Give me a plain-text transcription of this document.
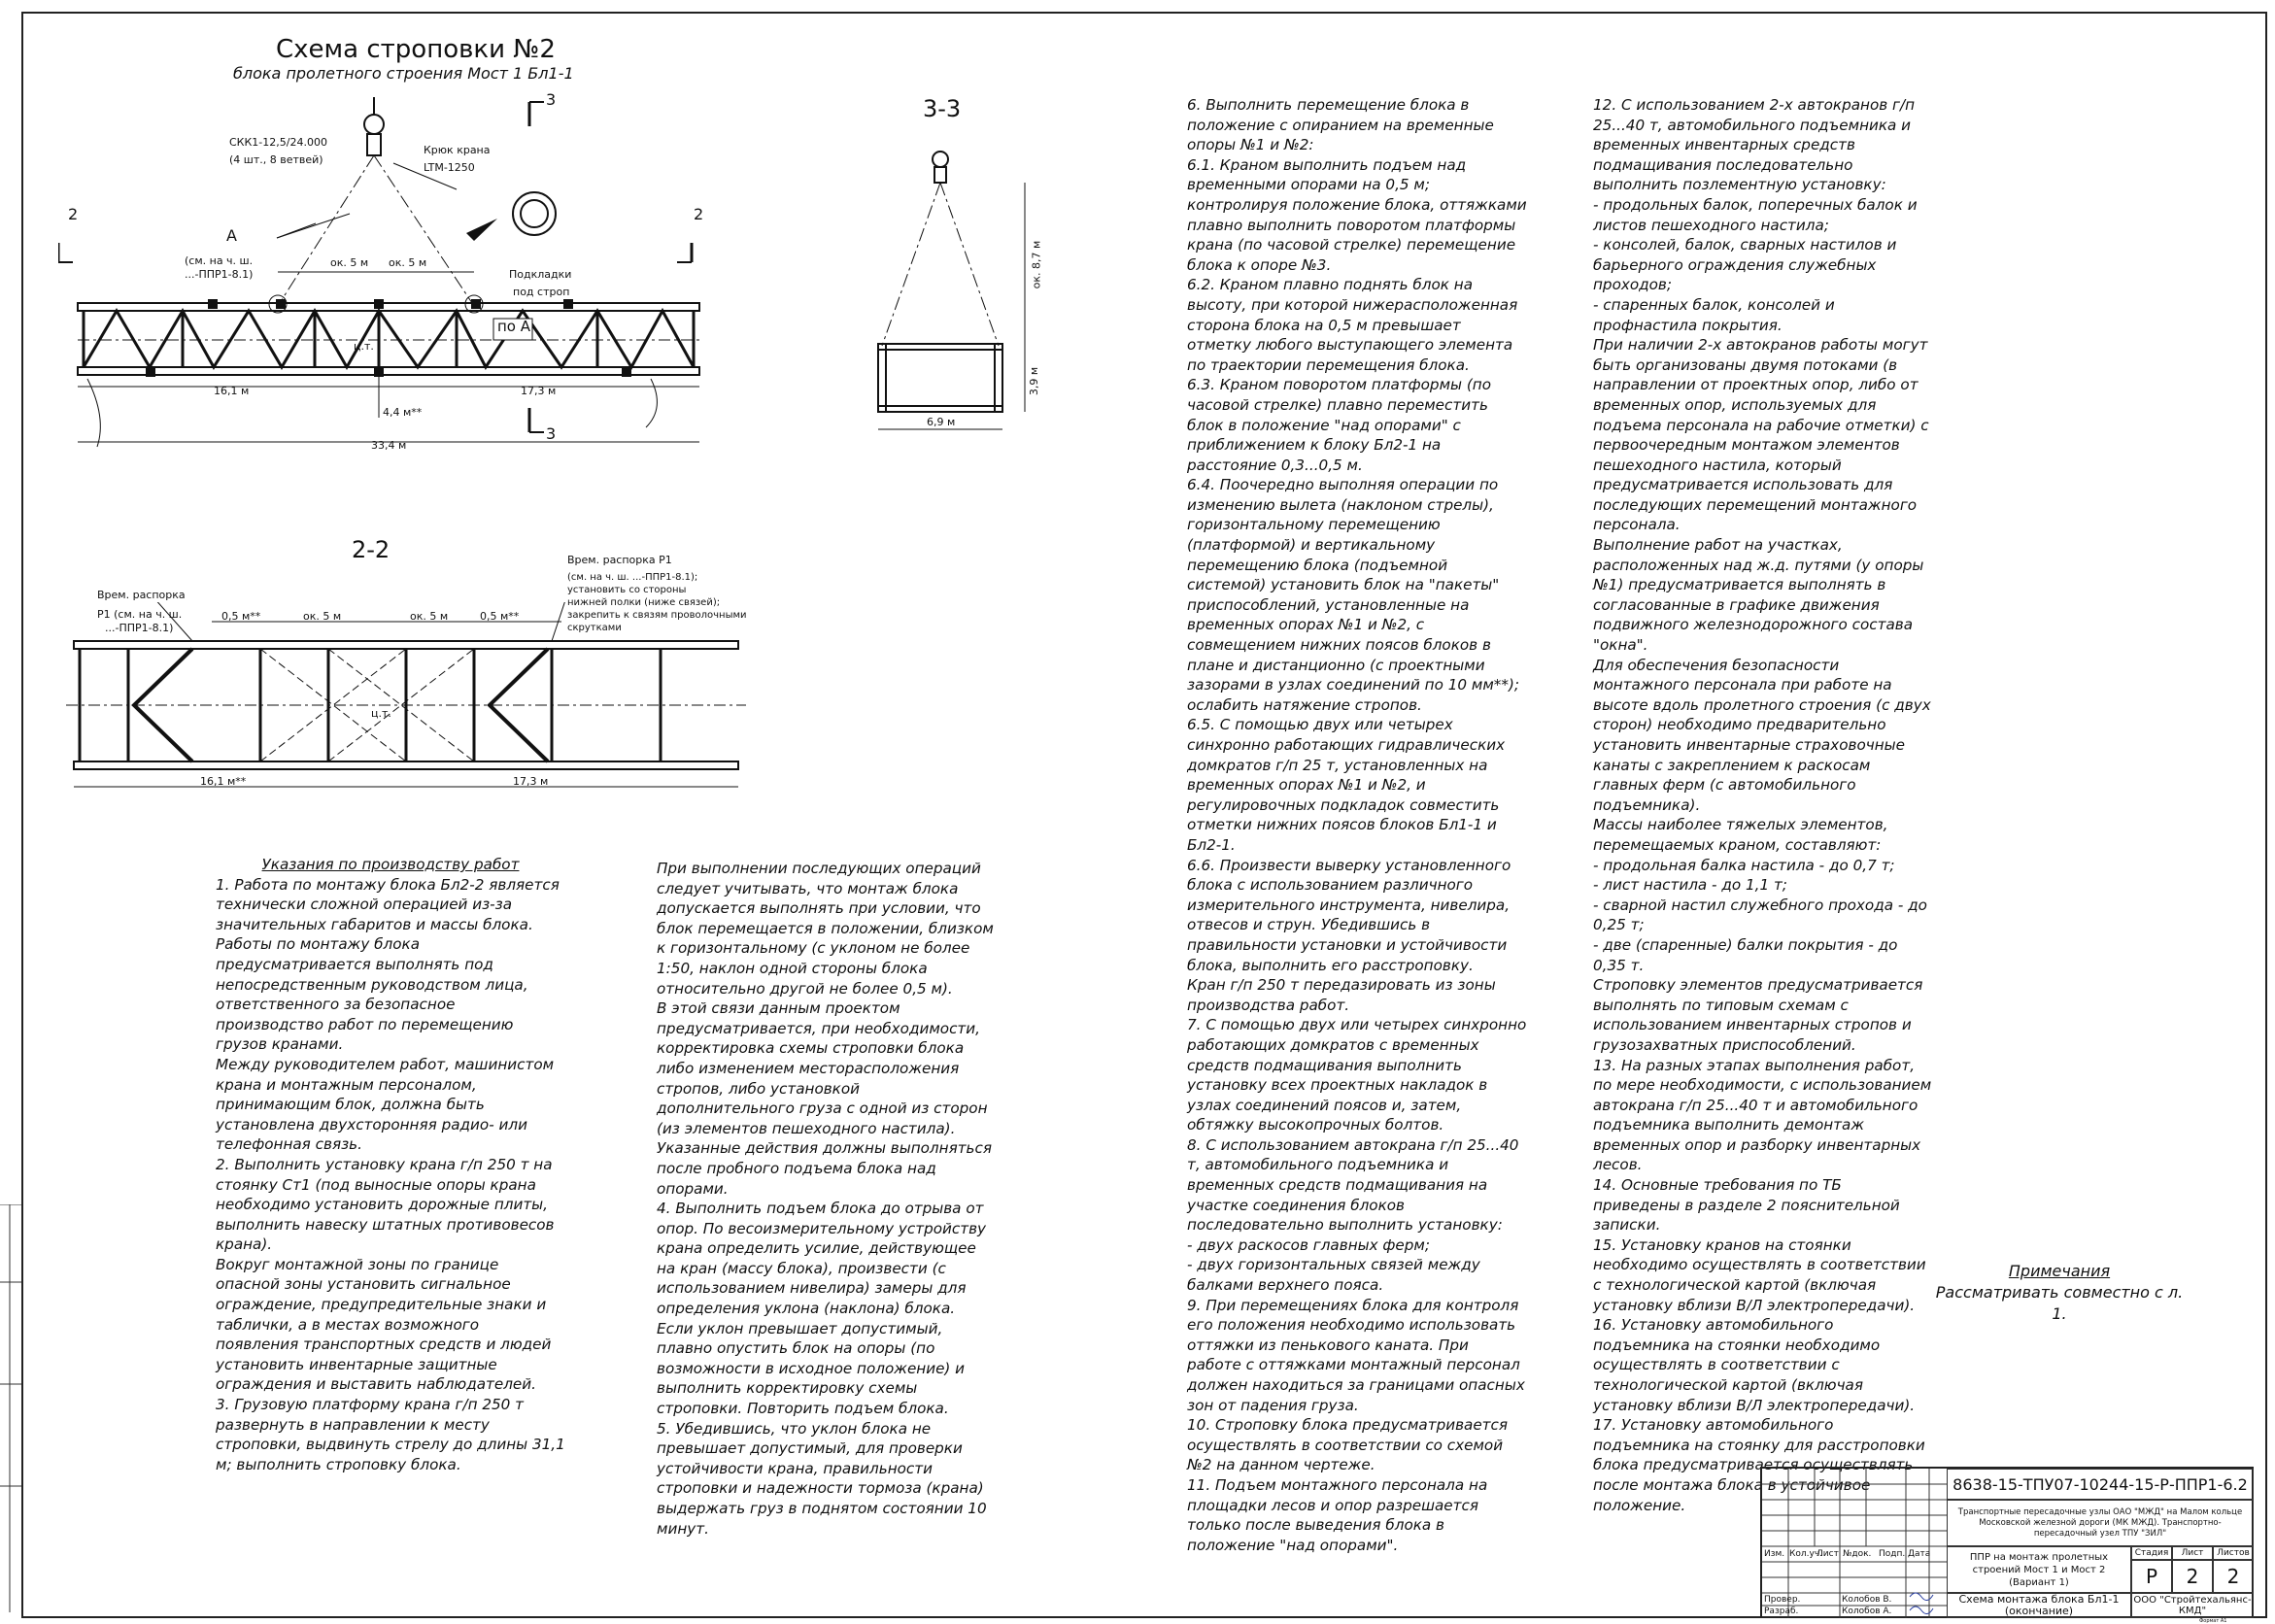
Схема строповки №2
блока пролетного строения Мост 1 Бл1-1
СКК1-12,5/24.000
(4 шт., 8 ветвей)
Крюк крана
LTM-1250
А
(см. на ч. ш.
...-ППР1-8.1)	Подкладки
под строп
по А
ц.т.
2	2
3
3
ок. 5 м ок. 5 м
16,1 м	17,3 м
4,4 м**
33,4 м
3-3
ок. 8,7 м
3,9 м
6,9 м
2-2
Врем. распорка
Р1 (см. на ч. ш.
...-ППР1-8.1)
Врем. распорка Р1
(см. на ч. ш. ...-ППР1-8.1);
установить со стороны
нижней полки (ниже связей);
закрепить к связям проволочными
скрутками
ц.т.
0,5 м**	ок. 5 м	ок. 5 м	0,5 м**
16,1 м**	17,3 м

Указания по производству работ

1. Работа по монтажу блока Бл2-2 является технически сложной операцией из-за значительных габаритов и массы блока.

Работы по монтажу блока предусматривается выполнять под непосредственным руководством лица, ответственного за безопасное производство работ по перемещению грузов кранами.

Между руководителем работ, машинистом крана и монтажным персоналом, принимающим блок, должна быть установлена двухсторонняя радио- или телефонная связь.

2. Выполнить установку крана г/п 250 т на стоянку Ст1 (под выносные опоры крана необходимо установить дорожные плиты, выполнить навеску штатных противовесов крана).

Вокруг монтажной зоны по границе опасной зоны установить сигнальное ограждение, предупредительные знаки и таблички, а в местах возможного появления транспортных средств и людей установить инвентарные защитные ограждения и выставить наблюдателей.

3. Грузовую платформу крана г/п 250 т развернуть в направлении к месту строповки, выдвинуть стрелу до длины 31,1 м; выполнить строповку блока.

При выполнении последующих операций следует учитывать, что монтаж блока допускается выполнять при условии, что блок перемещается в положении, близком к горизонтальному (с уклоном не более 1:50, наклон одной стороны блока относительно другой не более 0,5 м).

В этой связи данным проектом предусматривается, при необходимости, корректировка схемы строповки блока либо изменением месторасположения стропов, либо установкой дополнительного груза с одной из сторон (из элементов пешеходного настила). Указанные действия должны выполняться после пробного подъема блока над опорами.

4. Выполнить подъем блока до отрыва от опор. По весоизмерительному устройству крана определить усилие, действующее на кран (массу блока), произвести (с использованием нивелира) замеры для определения уклона (наклона) блока.

Если уклон превышает допустимый, плавно опустить блок на опоры (по возможности в исходное положение) и выполнить корректировку схемы строповки. Повторить подъем блока.

5. Убедившись, что уклон блока не превышает допустимый, для проверки устойчивости крана, правильности строповки и надежности тормоза (крана) выдержать груз в поднятом состоянии 10 минут.

6. Выполнить перемещение блока в положение с опиранием на временные опоры №1 и №2:

6.1. Краном выполнить подъем над временными опорами на 0,5 м; контролируя положение блока, оттяжками плавно выполнить поворотом платформы крана (по часовой стрелке) перемещение блока к опоре №3.

6.2. Краном плавно поднять блок на высоту, при которой нижерасположенная сторона блока на 0,5 м превышает отметку любого выступающего элемента по траектории перемещения блока.

6.3. Краном поворотом платформы (по часовой стрелке) плавно переместить блок в положение "над опорами" с приближением к блоку Бл2-1 на расстояние 0,3...0,5 м.

6.4. Поочередно выполняя операции по изменению вылета (наклоном стрелы), горизонтальному перемещению (платформой) и вертикальному перемещению блока (подъемной системой) установить блок на "пакеты" приспособлений, установленные на временных опорах №1 и №2, с совмещением нижних поясов блоков в плане и дистанционно (с проектными зазорами в узлах соединений по 10 мм**); ослабить натяжение стропов.

6.5. С помощью двух или четырех синхронно работающих гидравлических домкратов г/п 25 т, установленных на временных опорах №1 и №2, и регулировочных подкладок совместить отметки нижних поясов блоков Бл1-1 и Бл2-1.

6.6. Произвести выверку установленного блока с использованием различного измерительного инструмента, нивелира, отвесов и струн. Убедившись в правильности установки и устойчивости блока, выполнить его расстроповку.

Кран г/п 250 т передазировать из зоны производства работ.

7. С помощью двух или четырех синхронно работающих домкратов с временных средств подмащивания выполнить установку всех проектных накладок в узлах соединений поясов и, затем, обтяжку высокопрочных болтов.

8. С использованием автокрана г/п 25...40 т, автомобильного подъемника и временных средств подмащивания на участке соединения блоков последовательно выполнить установку:

- двух раскосов главных ферм;

- двух горизонтальных связей между балками верхнего пояса.

9. При перемещениях блока для контроля его положения необходимо использовать оттяжки из пенькового каната. При работе с оттяжками монтажный персонал должен находиться за границами опасных зон от падения груза.

10. Строповку блока предусматривается осуществлять в соответствии со схемой №2 на данном чертеже.

11. Подъем монтажного персонала на площадки лесов и опор разрешается только после выведения блока в положение "над опорами".

12. С использованием 2-х автокранов г/п 25...40 т, автомобильного подъемника и временных инвентарных средств подмащивания последовательно выполнить позлементную установку:

- продольных балок, поперечных балок и листов пешеходного настила;

- консолей, балок, сварных настилов и барьерного ограждения служебных проходов;

- спаренных балок, консолей и профнастила покрытия.

При наличии 2-х автокранов работы могут быть организованы двумя потоками (в направлении от проектных опор, либо от временных опор, используемых для подъема персонала на рабочие отметки) с первоочередным монтажом элементов пешеходного настила, который предусматривается использовать для последующих перемещений монтажного персонала.

Выполнение работ на участках, расположенных над ж.д. путями (у опоры №1) предусматривается выполнять в согласованные в графике движения подвижного железнодорожного состава "окна".

Для обеспечения безопасности монтажного персонала при работе на высоте вдоль пролетного строения (с двух сторон) необходимо предварительно установить инвентарные страховочные канаты с закреплением к раскосам главных ферм (с автомобильного подъемника).

Массы наиболее тяжелых элементов, перемещаемых краном, составляют:

- продольная балка настила - до 0,7 т;

- лист настила - до 1,1 т;

- сварной настил служебного прохода - до 0,25 т;

- две (спаренные) балки покрытия - до 0,35 т.

Строповку элементов предусматривается выполнять по типовым схемам с использованием инвентарных стропов и грузозахватных приспособлений.

13. На разных этапах выполнения работ, по мере необходимости, с использованием автокрана г/п 25...40 т и автомобильного подъемника выполнить демонтаж временных опор и разборку инвентарных лесов.

14. Основные требования по ТБ приведены в разделе 2 пояснительной записки.

15. Установку кранов на стоянки необходимо осуществлять в соответствии с технологической картой (включая установку вблизи В/Л электропередачи).

16. Установку автомобильного подъемника на стоянки необходимо осуществлять в соответствии с технологической картой (включая установку вблизи В/Л электропередачи).

17. Установку автомобильного подъемника на стоянку для расстроповки блока предусматривается осуществлять после монтажа блока в устойчивое положение.

Примечания
Рассматривать совместно с л. 1.
Изм. Кол.уч.
Лист №док. Подп. Дата
Провер.	Колобов В.
Разраб.	Колобов А.
8638-15-ТПУ07-10244-15-Р-ППР1-6.2
Транспортные пересадочные узлы ОАО "МЖД" на Малом кольце Московской железной дороги (МК МЖД). Транспортно-пересадочный узел ТПУ "ЗИЛ"
ППР на монтаж пролетных строений Мост 1 и Мост 2 (Вариант 1)
Стадия	Лист	Листов
Р	2	2
Схема монтажа блока Бл1-1 (окончание)
ООО "Стройтехальянс-КМД"
Формат А1
